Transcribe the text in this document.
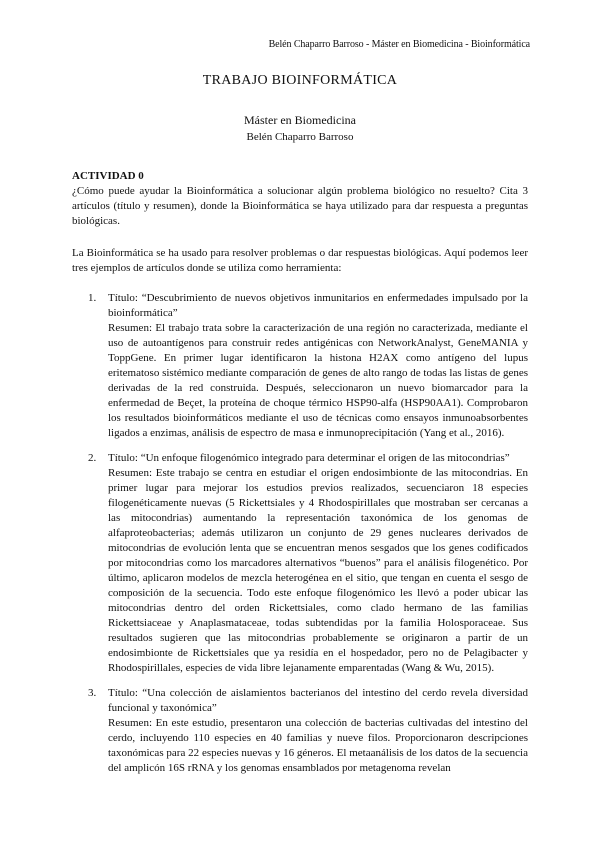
Belén Chaparro Barroso - Máster en Biomedicina - Bioinformática
TRABAJO BIOINFORMÁTICA
Máster en Biomedicina
Belén Chaparro Barroso
ACTIVIDAD 0

¿Cómo puede ayudar la Bioinformática a solucionar algún problema biológico no resuelto? Cita 3 artículos (título y resumen), donde la Bioinformática se haya utilizado para dar respuesta a preguntas biológicas.

La Bioinformática se ha usado para resolver problemas o dar respuestas biológicas. Aquí podemos leer tres ejemplos de artículos donde se utiliza como herramienta:

1.	Título: “Descubrimiento de nuevos objetivos inmunitarios en enfermedades impulsado por la bioinformática”

Resumen: El trabajo trata sobre la caracterización de una región no caracterizada, mediante el uso de autoantígenos para construir redes antigénicas con NetworkAnalyst, GeneMANIA y ToppGene. En primer lugar identificaron la histona H2AX como antígeno del lupus eritematoso sistémico mediante comparación de genes de alto rango de todas las listas de genes derivadas de la red construida. Después, seleccionaron un nuevo biomarcador para la enfermedad de Beçet, la proteína de choque térmico HSP90-alfa (HSP90AA1). Comprobaron los resultados bioinformáticos mediante el uso de técnicas como ensayos inmunoabsorbentes ligados a enzimas, análisis de espectro de masa e inmunoprecipitación (Yang et al., 2016).

2.	Título: “Un enfoque filogenómico integrado para determinar el origen de las mitocondrias”

Resumen: Este trabajo se centra en estudiar el origen endosimbionte de las mitocondrias. En primer lugar para mejorar los estudios previos realizados, secuenciaron 18 especies filogenéticamente nuevas (5 Rickettsiales y 4 Rhodospirillales que mostraban ser cercanas a las mitocondrias) aumentando la representación taxonómica de los genomas de alfaproteobacterias; además utilizaron un conjunto de 29 genes nucleares derivados de mitocondrias de evolución lenta que se encuentran menos sesgados que los genes codificados por mitocondrias como los marcadores alternativos “buenos” para el análisis filogenético. Por último, aplicaron modelos de mezcla heterogénea en el sitio, que tengan en cuenta el sesgo de composición de la secuencia. Todo este enfoque filogenómico les llevó a poder ubicar las mitocondrias dentro del orden Rickettsiales, como clado hermano de las familias Rickettsiaceae y Anaplasmataceae, todas subtendidas por la familia Holosporaceae. Sus resultados sugieren que las mitocondrias probablemente se originaron a partir de un endosimbionte de Rickettsiales que ya residía en el hospedador, pero no de Pelagibacter y Rhodospirillales, especies de vida libre lejanamente emparentadas (Wang & Wu, 2015).

3.	Título: “Una colección de aislamientos bacterianos del intestino del cerdo revela diversidad funcional y taxonómica”

Resumen: En este estudio, presentaron una colección de bacterias cultivadas del intestino del cerdo, incluyendo 110 especies en 40 familias y nueve filos. Proporcionaron descripciones taxonómicas para 22 especies nuevas y 16 géneros. El metaanálisis de los datos de la secuencia del amplicón 16S rRNA y los genomas ensamblados por metagenoma revelan
